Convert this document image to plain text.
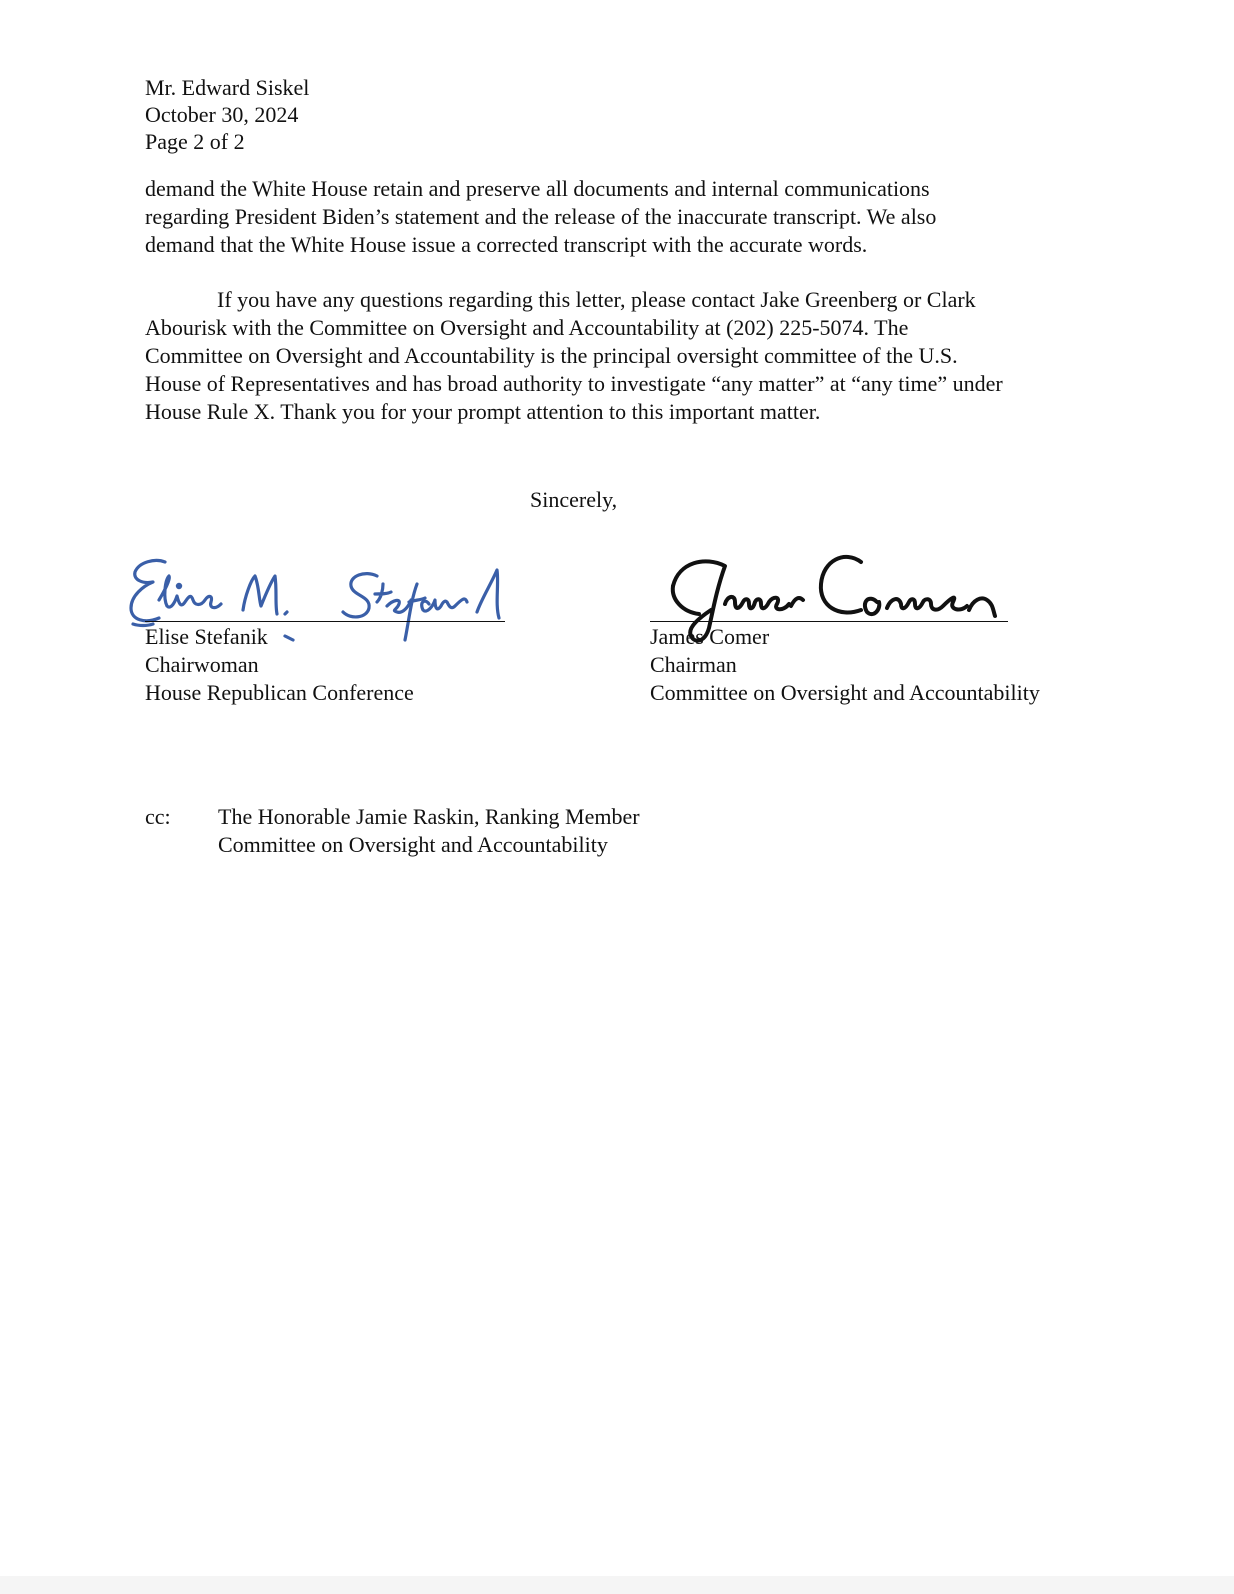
Mr. Edward Siskel
October 30, 2024
Page 2 of 2
demand the White House retain and preserve all documents and internal communications
regarding President Biden’s statement and the release of the inaccurate transcript. We also
demand that the White House issue a corrected transcript with the accurate words.
If you have any questions regarding this letter, please contact Jake Greenberg or Clark
Abourisk with the Committee on Oversight and Accountability at (202) 225-5074. The
Committee on Oversight and Accountability is the principal oversight committee of the U.S.
House of Representatives and has broad authority to investigate “any matter” at “any time” under
House Rule X. Thank you for your prompt attention to this important matter.
Sincerely,
Elise Stefanik
Chairwoman
House Republican Conference
James Comer
Chairman
Committee on Oversight and Accountability
cc: The Honorable Jamie Raskin, Ranking Member
Committee on Oversight and Accountability
